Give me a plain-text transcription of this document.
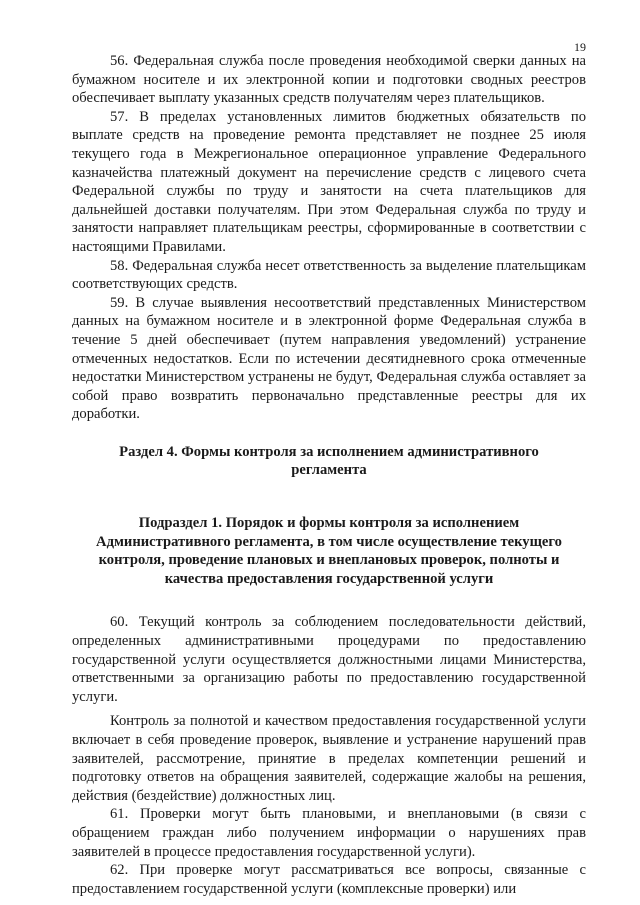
19

56. Федеральная служба после проведения необходимой сверки данных на бумажном носителе и их электронной копии и подготовки сводных реестров обеспечивает выплату указанных средств получателям через плательщиков.

57. В пределах установленных лимитов бюджетных обязательств по выплате средств на проведение ремонта представляет не позднее 25 июля текущего года в Межрегиональное операционное управление Федерального казначейства платежный документ на перечисление средств с лицевого счета Федеральной службы по труду и занятости на счета плательщиков для дальнейшей доставки получателям. При этом Федеральная служба по труду и занятости направляет плательщикам реестры, сформированные в соответствии с настоящими Правилами.

58. Федеральная служба несет ответственность за выделение плательщикам соответствующих средств.

59. В случае выявления несоответствий представленных Министерством данных на бумажном носителе и в электронной форме Федеральная служба в течение 5 дней обеспечивает (путем направления уведомлений) устранение отмеченных недостатков. Если по истечении десятидневного срока отмеченные недостатки Министерством устранены не будут, Федеральная служба оставляет за собой право возвратить первоначально представленные реестры для их доработки.

Раздел 4. Формы контроля за исполнением административного регламента

Подраздел 1. Порядок и формы контроля за исполнением Административного регламента, в том числе осуществление текущего контроля, проведение плановых и внеплановых проверок, полноты и качества предоставления государственной услуги

60. Текущий контроль за соблюдением последовательности действий, определенных административными процедурами по предоставлению государственной услуги осуществляется должностными лицами Министерства, ответственными за организацию работы по предоставлению государственной услуги.

Контроль за полнотой и качеством предоставления государственной услуги включает в себя проведение проверок, выявление и устранение нарушений прав заявителей, рассмотрение, принятие в пределах компетенции решений и подготовку ответов на обращения заявителей, содержащие жалобы на решения, действия (бездействие) должностных лиц.

61. Проверки могут быть плановыми, и внеплановыми (в связи с обращением граждан либо получением информации о нарушениях прав заявителей в процессе предоставления государственной услуги).

62. При проверке могут рассматриваться все вопросы, связанные с предоставлением государственной услуги (комплексные проверки) или
